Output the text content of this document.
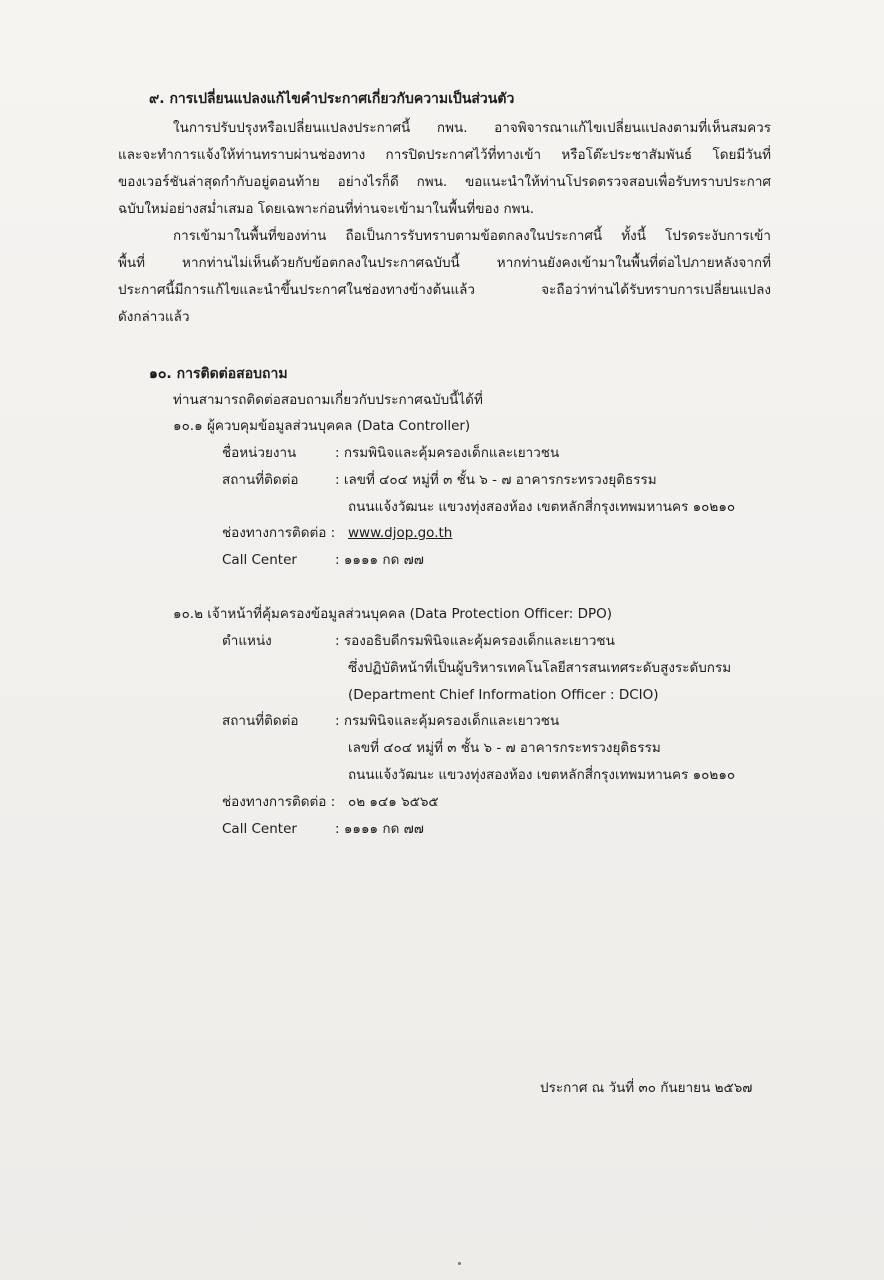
๙. การเปลี่ยนแปลงแก้ไขคำประกาศเกี่ยวกับความเป็นส่วนตัว
ในการปรับปรุงหรือเปลี่ยนแปลงประกาศนี้ กพน. อาจพิจารณาแก้ไขเปลี่ยนแปลงตามที่เห็นสมควร
และจะทำการแจ้งให้ท่านทราบผ่านช่องทาง การปิดประกาศไว้ที่ทางเข้า หรือโต๊ะประชาสัมพันธ์ โดยมีวันที่
ของเวอร์ชันล่าสุดกำกับอยู่ตอนท้าย อย่างไรก็ดี กพน. ขอแนะนำให้ท่านโปรดตรวจสอบเพื่อรับทราบประกาศ
ฉบับใหม่อย่างสม่ำเสมอ โดยเฉพาะก่อนที่ท่านจะเข้ามาในพื้นที่ของ กพน.
การเข้ามาในพื้นที่ของท่าน ถือเป็นการรับทราบตามข้อตกลงในประกาศนี้ ทั้งนี้ โปรดระงับการเข้า
พื้นที่ หากท่านไม่เห็นด้วยกับข้อตกลงในประกาศฉบับนี้ หากท่านยังคงเข้ามาในพื้นที่ต่อไปภายหลังจากที่
ประกาศนี้มีการแก้ไขและนำขึ้นประกาศในช่องทางข้างต้นแล้ว จะถือว่าท่านได้รับทราบการเปลี่ยนแปลง
ดังกล่าวแล้ว
๑๐. การติดต่อสอบถาม
ท่านสามารถติดต่อสอบถามเกี่ยวกับประกาศฉบับนี้ได้ที่
๑๐.๑ ผู้ควบคุมข้อมูลส่วนบุคคล (Data Controller)
ชื่อหน่วยงาน	: กรมพินิจและคุ้มครองเด็กและเยาวชน
สถานที่ติดต่อ	: เลขที่ ๔๐๔ หมู่ที่ ๓ ชั้น ๖ - ๗ อาคารกระทรวงยุติธรรม
ถนนแจ้งวัฒนะ แขวงทุ่งสองห้อง เขตหลักสี่กรุงเทพมหานคร ๑๐๒๑๐
ช่องทางการติดต่อ : www.djop.go.th
Call Center	: ๑๑๑๑ กด ๗๗
๑๐.๒ เจ้าหน้าที่คุ้มครองข้อมูลส่วนบุคคล (Data Protection Officer: DPO)
ตำแหน่ง	: รองอธิบดีกรมพินิจและคุ้มครองเด็กและเยาวชน
ซึ่งปฏิบัติหน้าที่เป็นผู้บริหารเทคโนโลยีสารสนเทศระดับสูงระดับกรม
(Department Chief Information Officer : DCIO)
สถานที่ติดต่อ	: กรมพินิจและคุ้มครองเด็กและเยาวชน
เลขที่ ๔๐๔ หมู่ที่ ๓ ชั้น ๖ - ๗ อาคารกระทรวงยุติธรรม
ถนนแจ้งวัฒนะ แขวงทุ่งสองห้อง เขตหลักสี่กรุงเทพมหานคร ๑๐๒๑๐
ช่องทางการติดต่อ : ๐๒ ๑๔๑ ๖๕๖๕
Call Center	: ๑๑๑๑ กด ๗๗
ประกาศ ณ วันที่ ๓๐ กันยายน ๒๕๖๗
